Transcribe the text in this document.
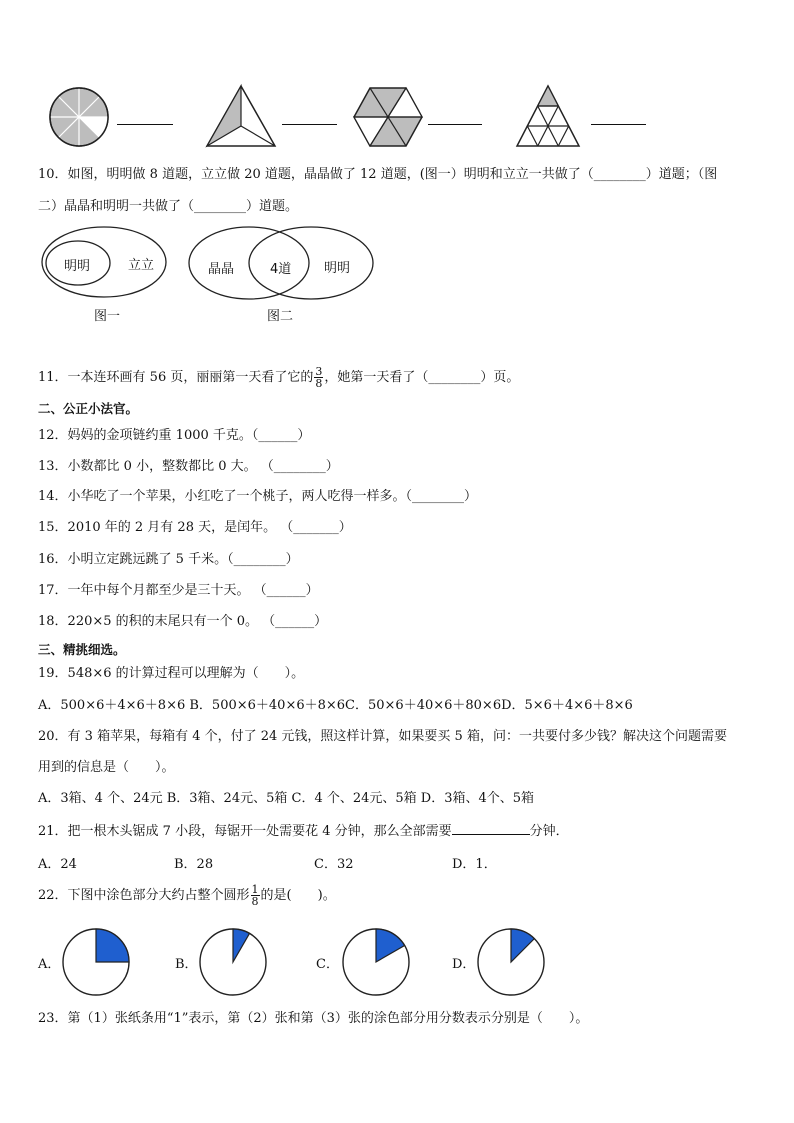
10．如图，明明做 8 道题，立立做 20 道题，晶晶做了 12 道题，(图一）明明和立立一共做了（________）道题；（图
二）晶晶和明明一共做了（________）道题。
明明	立立
图一
晶晶	4道	明明
图二
11．一本连环画有 56 页，丽丽第一天看了它的 $\frac{3}{8}$ ，她第一天看了（________）页。
二、公正小法官。
12．妈妈的金项链约重 1000 千克。（______）
13．小数都比 0 小，整数都比 0 大。 （________）
14．小华吃了一个苹果，小红吃了一个桃子，两人吃得一样多。（________）
15．2010 年的 2 月有 28 天，是闰年。 （_______）
16．小明立定跳远跳了 5 千米。（________）
17．一年中每个月都至少是三十天。 （______）
18．220×5 的积的末尾只有一个 0。 （______）
三、精挑细选。
19．548×6 的计算过程可以理解为（　　）。
A．500×6＋4×6＋8×6 B．500×6＋40×6＋8×6C．50×6＋40×6＋80×6D．5×6＋4×6＋8×6
20．有 3 箱苹果，每箱有 4 个，付了 24 元钱，照这样计算，如果要买 5 箱，问：一共要付多少钱？解决这个问题需要
用到的信息是（　　）。
A．3箱、4 个、24元 B．3箱、24元、5箱 C．4 个、24元、5箱 D．3箱、4个、5箱
21．把一根木头锯成 7 小段，每锯开一处需要花 4 分钟，那么全部需要	分钟．
A．24	B．28	C．32	D．1．
22．下图中涂色部分大约占整个圆形 $\frac{1}{8}$ 的是(　　)。
A．	B．	C．	D．
23．第（1）张纸条用“1”表示，第（2）张和第（3）张的涂色部分用分数表示分别是（　　）。
